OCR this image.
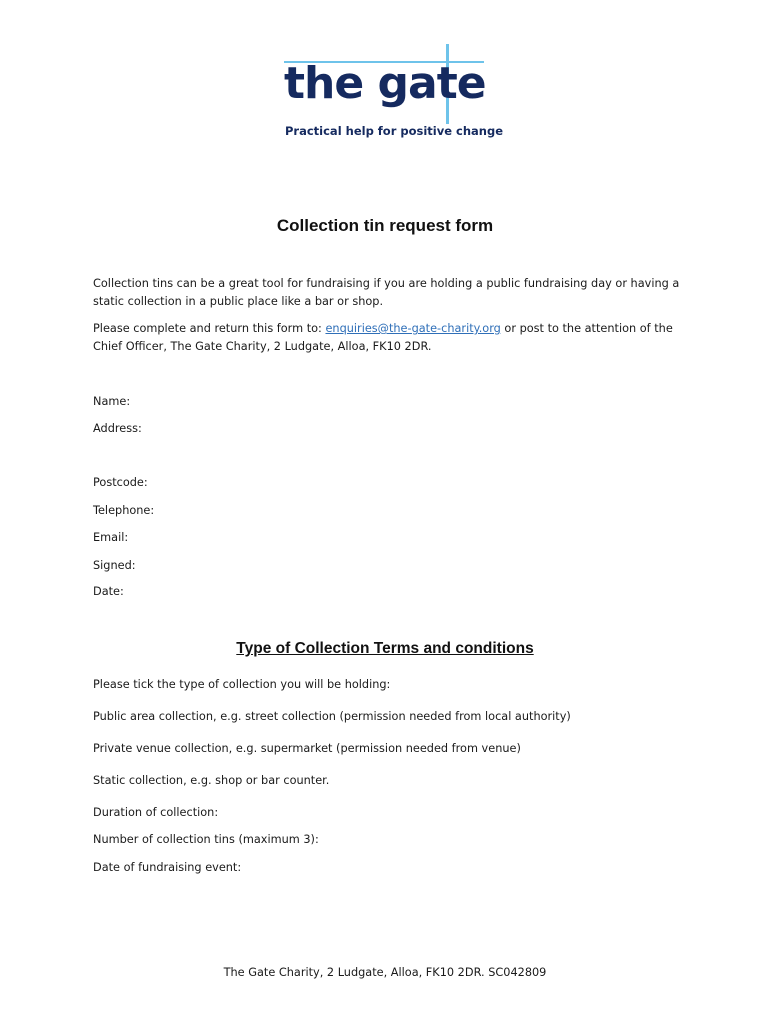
the gate
Practical help for positive change
Collection tin request form
Collection tins can be a great tool for fundraising if you are holding a public fundraising day or having a static collection in a public place like a bar or shop.
Please complete and return this form to: enquiries@the-gate-charity.org or post to the attention of the Chief Officer, The Gate Charity, 2 Ludgate, Alloa, FK10 2DR.
Name:
Address:
Postcode:
Telephone:
Email:
Signed:
Date:
Type of Collection Terms and conditions
Please tick the type of collection you will be holding:
Public area collection, e.g. street collection (permission needed from local authority)
Private venue collection, e.g. supermarket (permission needed from venue)
Static collection, e.g. shop or bar counter.
Duration of collection:
Number of collection tins (maximum 3):
Date of fundraising event:
The Gate Charity, 2 Ludgate, Alloa, FK10 2DR. SC042809
